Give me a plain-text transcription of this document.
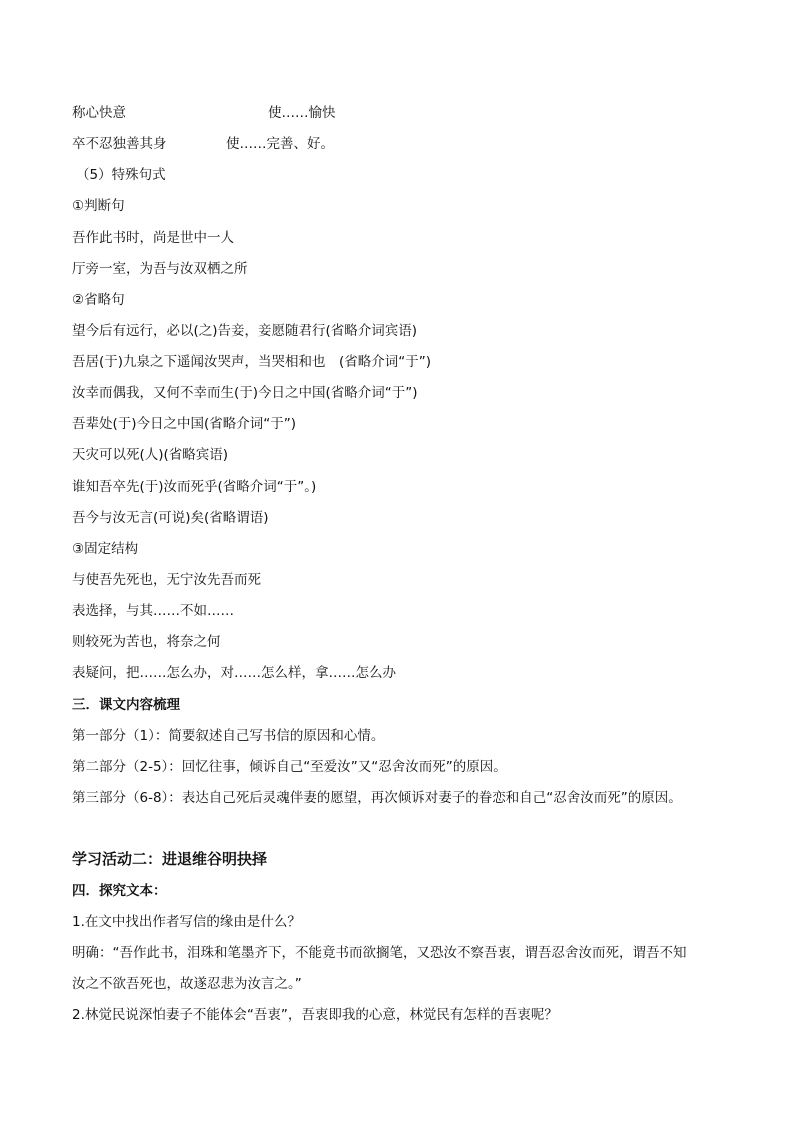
称心快意	使……愉快
卒不忍独善其身	使……完善、好。
（5）特殊句式
①判断句
吾作此书时，尚是世中一人
厅旁一室，为吾与汝双栖之所
②省略句
望今后有远行，必以(之)告妾，妾愿随君行(省略介词宾语)
吾居(于)九泉之下遥闻汝哭声，当哭相和也　(省略介词“于”)
汝幸而偶我，又何不幸而生(于)今日之中国(省略介词“于”)
吾辈处(于)今日之中国(省略介词“于”)
天灾可以死(人)(省略宾语)
谁知吾卒先(于)汝而死乎(省略介词“于”。)
吾今与汝无言(可说)矣(省略谓语)
③固定结构
与使吾先死也，无宁汝先吾而死
表选择，与其……不如……
则较死为苦也，将奈之何
表疑问，把……怎么办，对……怎么样，拿……怎么办
三．课文内容梳理
第一部分（1）：简要叙述自己写书信的原因和心情。
第二部分（2-5）：回忆往事，倾诉自己“至爱汝”又“忍舍汝而死”的原因。
第三部分（6-8）：表达自己死后灵魂伴妻的愿望，再次倾诉对妻子的眷恋和自己“忍舍汝而死”的原因。
学习活动二：进退维谷明抉择
四．探究文本：
1.在文中找出作者写信的缘由是什么？
明确：“吾作此书，泪珠和笔墨齐下，不能竟书而欲搁笔，又恐汝不察吾衷，谓吾忍舍汝而死，谓吾不知
汝之不欲吾死也，故遂忍悲为汝言之。”
2.林觉民说深怕妻子不能体会“吾衷”，吾衷即我的心意，林觉民有怎样的吾衷呢？
